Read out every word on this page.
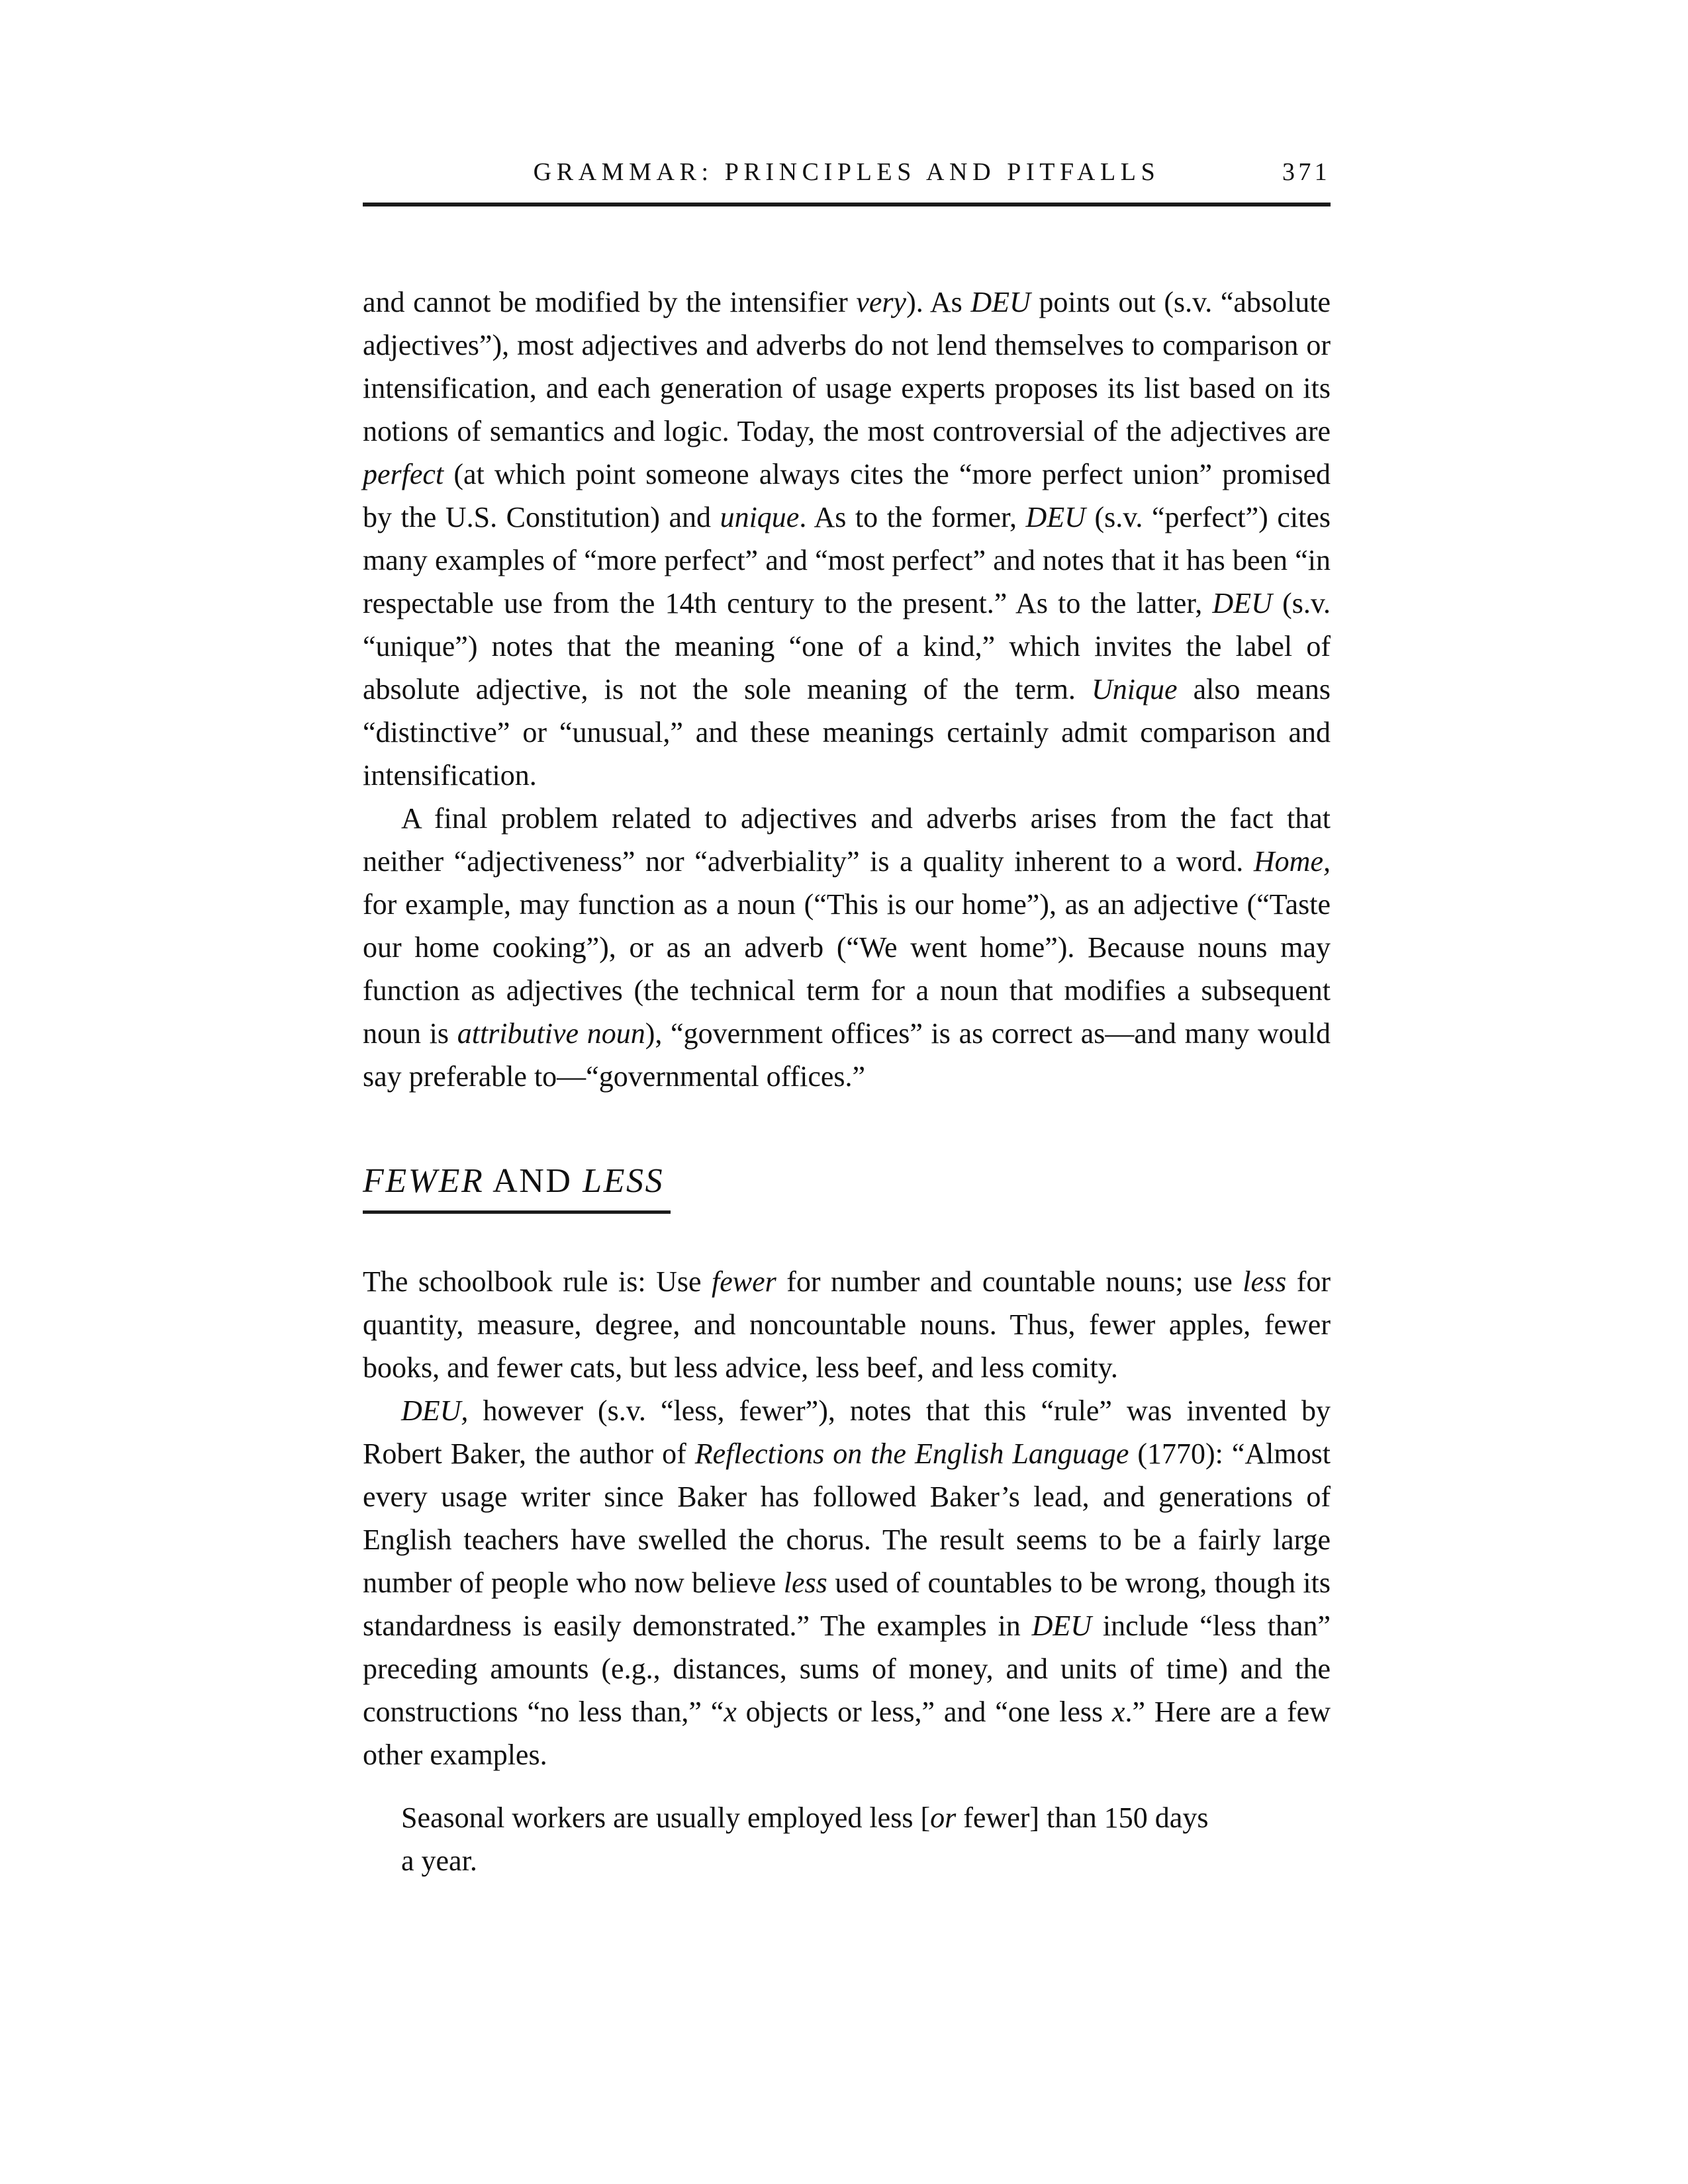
GRAMMAR: PRINCIPLES AND PITFALLS	371

and cannot be modified by the intensifier very). As DEU points out (s.v. “absolute adjectives”), most adjectives and adverbs do not lend themselves to comparison or intensification, and each generation of usage experts proposes its list based on its notions of semantics and logic. Today, the most controversial of the adjectives are perfect (at which point someone always cites the “more perfect union” promised by the U.S. Constitution) and unique. As to the former, DEU (s.v. “perfect”) cites many examples of “more perfect” and “most perfect” and notes that it has been “in respectable use from the 14th century to the present.” As to the latter, DEU (s.v. “unique”) notes that the meaning “one of a kind,” which invites the label of absolute adjective, is not the sole meaning of the term. Unique also means “distinctive” or “unusual,” and these meanings certainly admit comparison and intensification.

A final problem related to adjectives and adverbs arises from the fact that neither “adjectiveness” nor “adverbiality” is a quality inherent to a word. Home, for example, may function as a noun (“This is our home”), as an adjective (“Taste our home cooking”), or as an adverb (“We went home”). Because nouns may function as adjectives (the technical term for a noun that modifies a subsequent noun is attributive noun), “government offices” is as correct as—and many would say preferable to—“governmental offices.”

FEWER AND LESS

The schoolbook rule is: Use fewer for number and countable nouns; use less for quantity, measure, degree, and noncountable nouns. Thus, fewer apples, fewer books, and fewer cats, but less advice, less beef, and less comity.

DEU, however (s.v. “less, fewer”), notes that this “rule” was invented by Robert Baker, the author of Reflections on the English Language (1770): “Almost every usage writer since Baker has followed Baker’s lead, and generations of English teachers have swelled the chorus. The result seems to be a fairly large number of people who now believe less used of countables to be wrong, though its standardness is easily demonstrated.” The examples in DEU include “less than” preceding amounts (e.g., distances, sums of money, and units of time) and the constructions “no less than,” “x objects or less,” and “one less x.” Here are a few other examples.

Seasonal workers are usually employed less [or fewer] than 150 days
a year.
